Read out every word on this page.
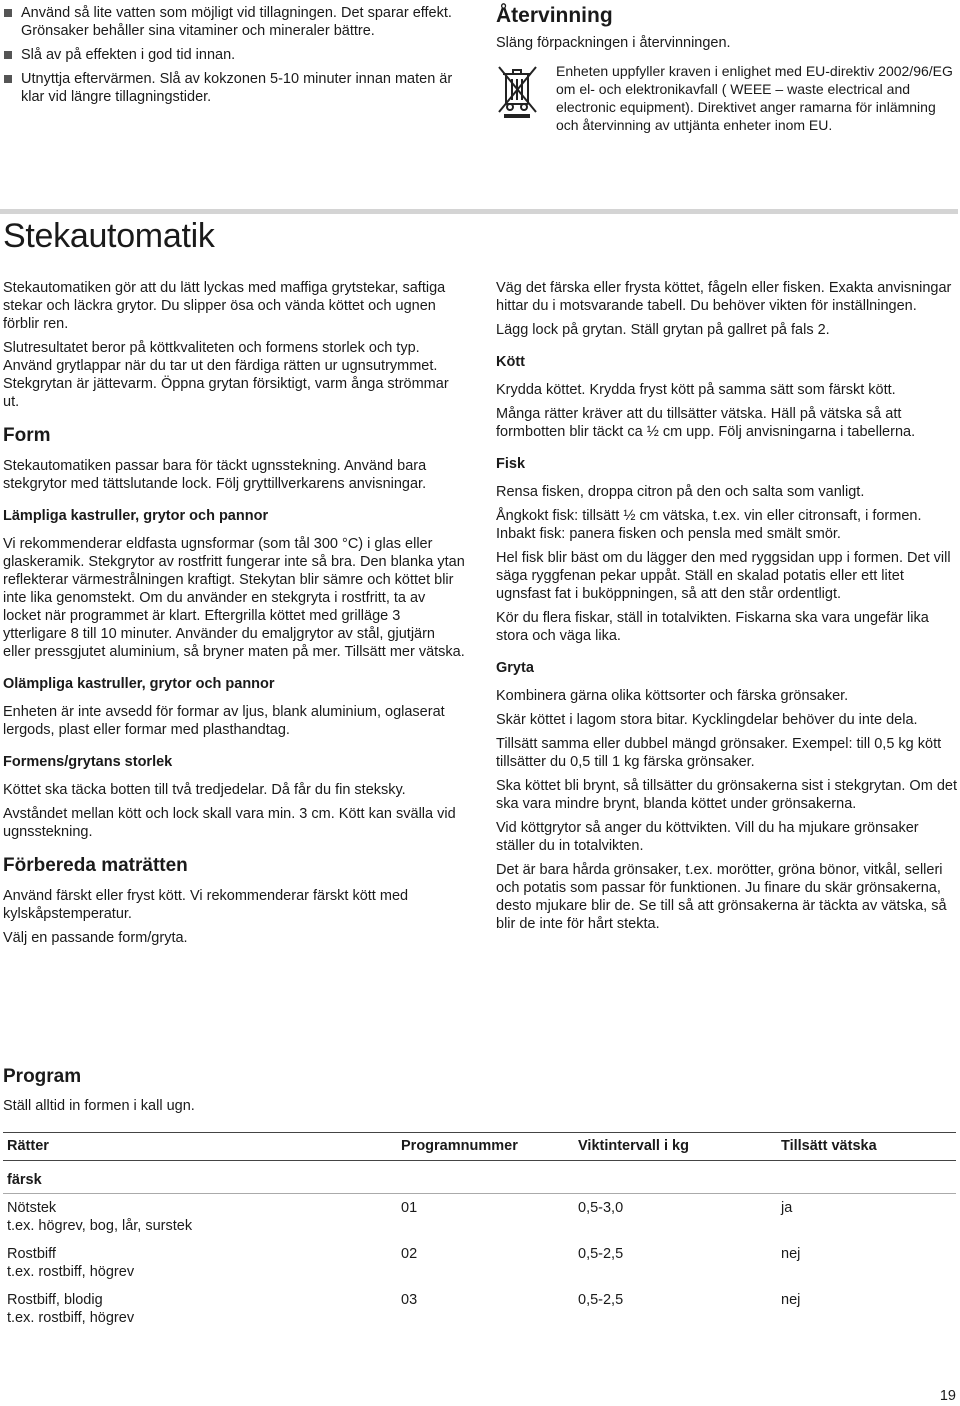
Använd så lite vatten som möjligt vid tillagningen. Det sparar effekt. Grönsaker behåller sina vitaminer och mineraler bättre.
Slå av på effekten i god tid innan.
Utnyttja eftervärmen. Slå av kokzonen 5-10 minuter innan maten är klar vid längre tillagningstider.
Återvinning

Släng förpackningen i återvinningen.

Enheten uppfyller kraven i enlighet med EU-direktiv 2002/96/EG om el- och elektronikavfall ( WEEE – waste electrical and electronic equipment). Direktivet anger ramarna för inlämning och återvinning av uttjänta enheter inom EU.

Stekautomatik

Stekautomatiken gör att du lätt lyckas med maffiga grytstekar, saftiga stekar och läckra grytor. Du slipper ösa och vända köttet och ugnen förblir ren.

Slutresultatet beror på köttkvaliteten och formens storlek och typ. Använd grytlappar när du tar ut den färdiga rätten ur ugnsutrymmet. Stekgrytan är jättevarm. Öppna grytan försiktigt, varm ånga strömmar ut.

Form

Stekautomatiken passar bara för täckt ugnsstekning. Använd bara stekgrytor med tättslutande lock. Följ gryttillverkarens anvisningar.

Lämpliga kastruller, grytor och pannor

Vi rekommenderar eldfasta ugnsformar (som tål 300 °C) i glas eller glaskeramik. Stekgrytor av rostfritt fungerar inte så bra. Den blanka ytan reflekterar värmestrålningen kraftigt. Stekytan blir sämre och köttet blir inte lika genomstekt. Om du använder en stekgryta i rostfritt, ta av locket när programmet är klart. Eftergrilla köttet med grilläge 3 ytterligare 8 till 10 minuter. Använder du emaljgrytor av stål, gjutjärn eller pressgjutet aluminium, så bryner maten på mer. Tillsätt mer vätska.

Olämpliga kastruller, grytor och pannor

Enheten är inte avsedd för formar av ljus, blank aluminium, oglaserat lergods, plast eller formar med plasthandtag.

Formens/grytans storlek

Köttet ska täcka botten till två tredjedelar. Då får du fin steksky.

Avståndet mellan kött och lock skall vara min. 3 cm. Kött kan svälla vid ugnsstekning.

Förbereda maträtten

Använd färskt eller fryst kött. Vi rekommenderar färskt kött med kylskåpstemperatur.

Välj en passande form/gryta.

Väg det färska eller frysta köttet, fågeln eller fisken. Exakta anvisningar hittar du i motsvarande tabell. Du behöver vikten för inställningen.

Lägg lock på grytan. Ställ grytan på gallret på fals 2.

Kött

Krydda köttet. Krydda fryst kött på samma sätt som färskt kött.

Många rätter kräver att du tillsätter vätska. Häll på vätska så att formbotten blir täckt ca ½ cm upp. Följ anvisningarna i tabellerna.

Fisk

Rensa fisken, droppa citron på den och salta som vanligt.

Ångkokt fisk: tillsätt ½ cm vätska, t.ex. vin eller citronsaft, i formen.

Inbakt fisk: panera fisken och pensla med smält smör.

Hel fisk blir bäst om du lägger den med ryggsidan upp i formen. Det vill säga ryggfenan pekar uppåt. Ställ en skalad potatis eller ett litet ugnsfast fat i buköppningen, så att den står ordentligt.

Kör du flera fiskar, ställ in totalvikten. Fiskarna ska vara ungefär lika stora och väga lika.

Gryta

Kombinera gärna olika köttsorter och färska grönsaker.

Skär köttet i lagom stora bitar. Kycklingdelar behöver du inte dela.

Tillsätt samma eller dubbel mängd grönsaker. Exempel: till 0,5 kg kött tillsätter du 0,5 till 1 kg färska grönsaker.

Ska köttet bli brynt, så tillsätter du grönsakerna sist i stekgrytan. Om det ska vara mindre brynt, blanda köttet under grönsakerna.

Vid köttgrytor så anger du köttvikten. Vill du ha mjukare grönsaker ställer du in totalvikten.

Det är bara hårda grönsaker, t.ex. morötter, gröna bönor, vitkål, selleri och potatis som passar för funktionen. Ju finare du skär grönsakerna, desto mjukare blir de. Se till så att grönsakerna är täckta av vätska, så blir de inte för hårt stekta.

Program

Ställ alltid in formen i kall ugn.

Rätter	Programnummer	Viktintervall i kg	Tillsätt vätska
färsk			

Nötstek
t.ex. högrev, bog, lår, surstek	01	0,5-3,0	ja

Rostbiff
t.ex. rostbiff, högrev	02	0,5-2,5	nej

Rostbiff, blodig
t.ex. rostbiff, högrev	03	0,5-2,5	nej
19
